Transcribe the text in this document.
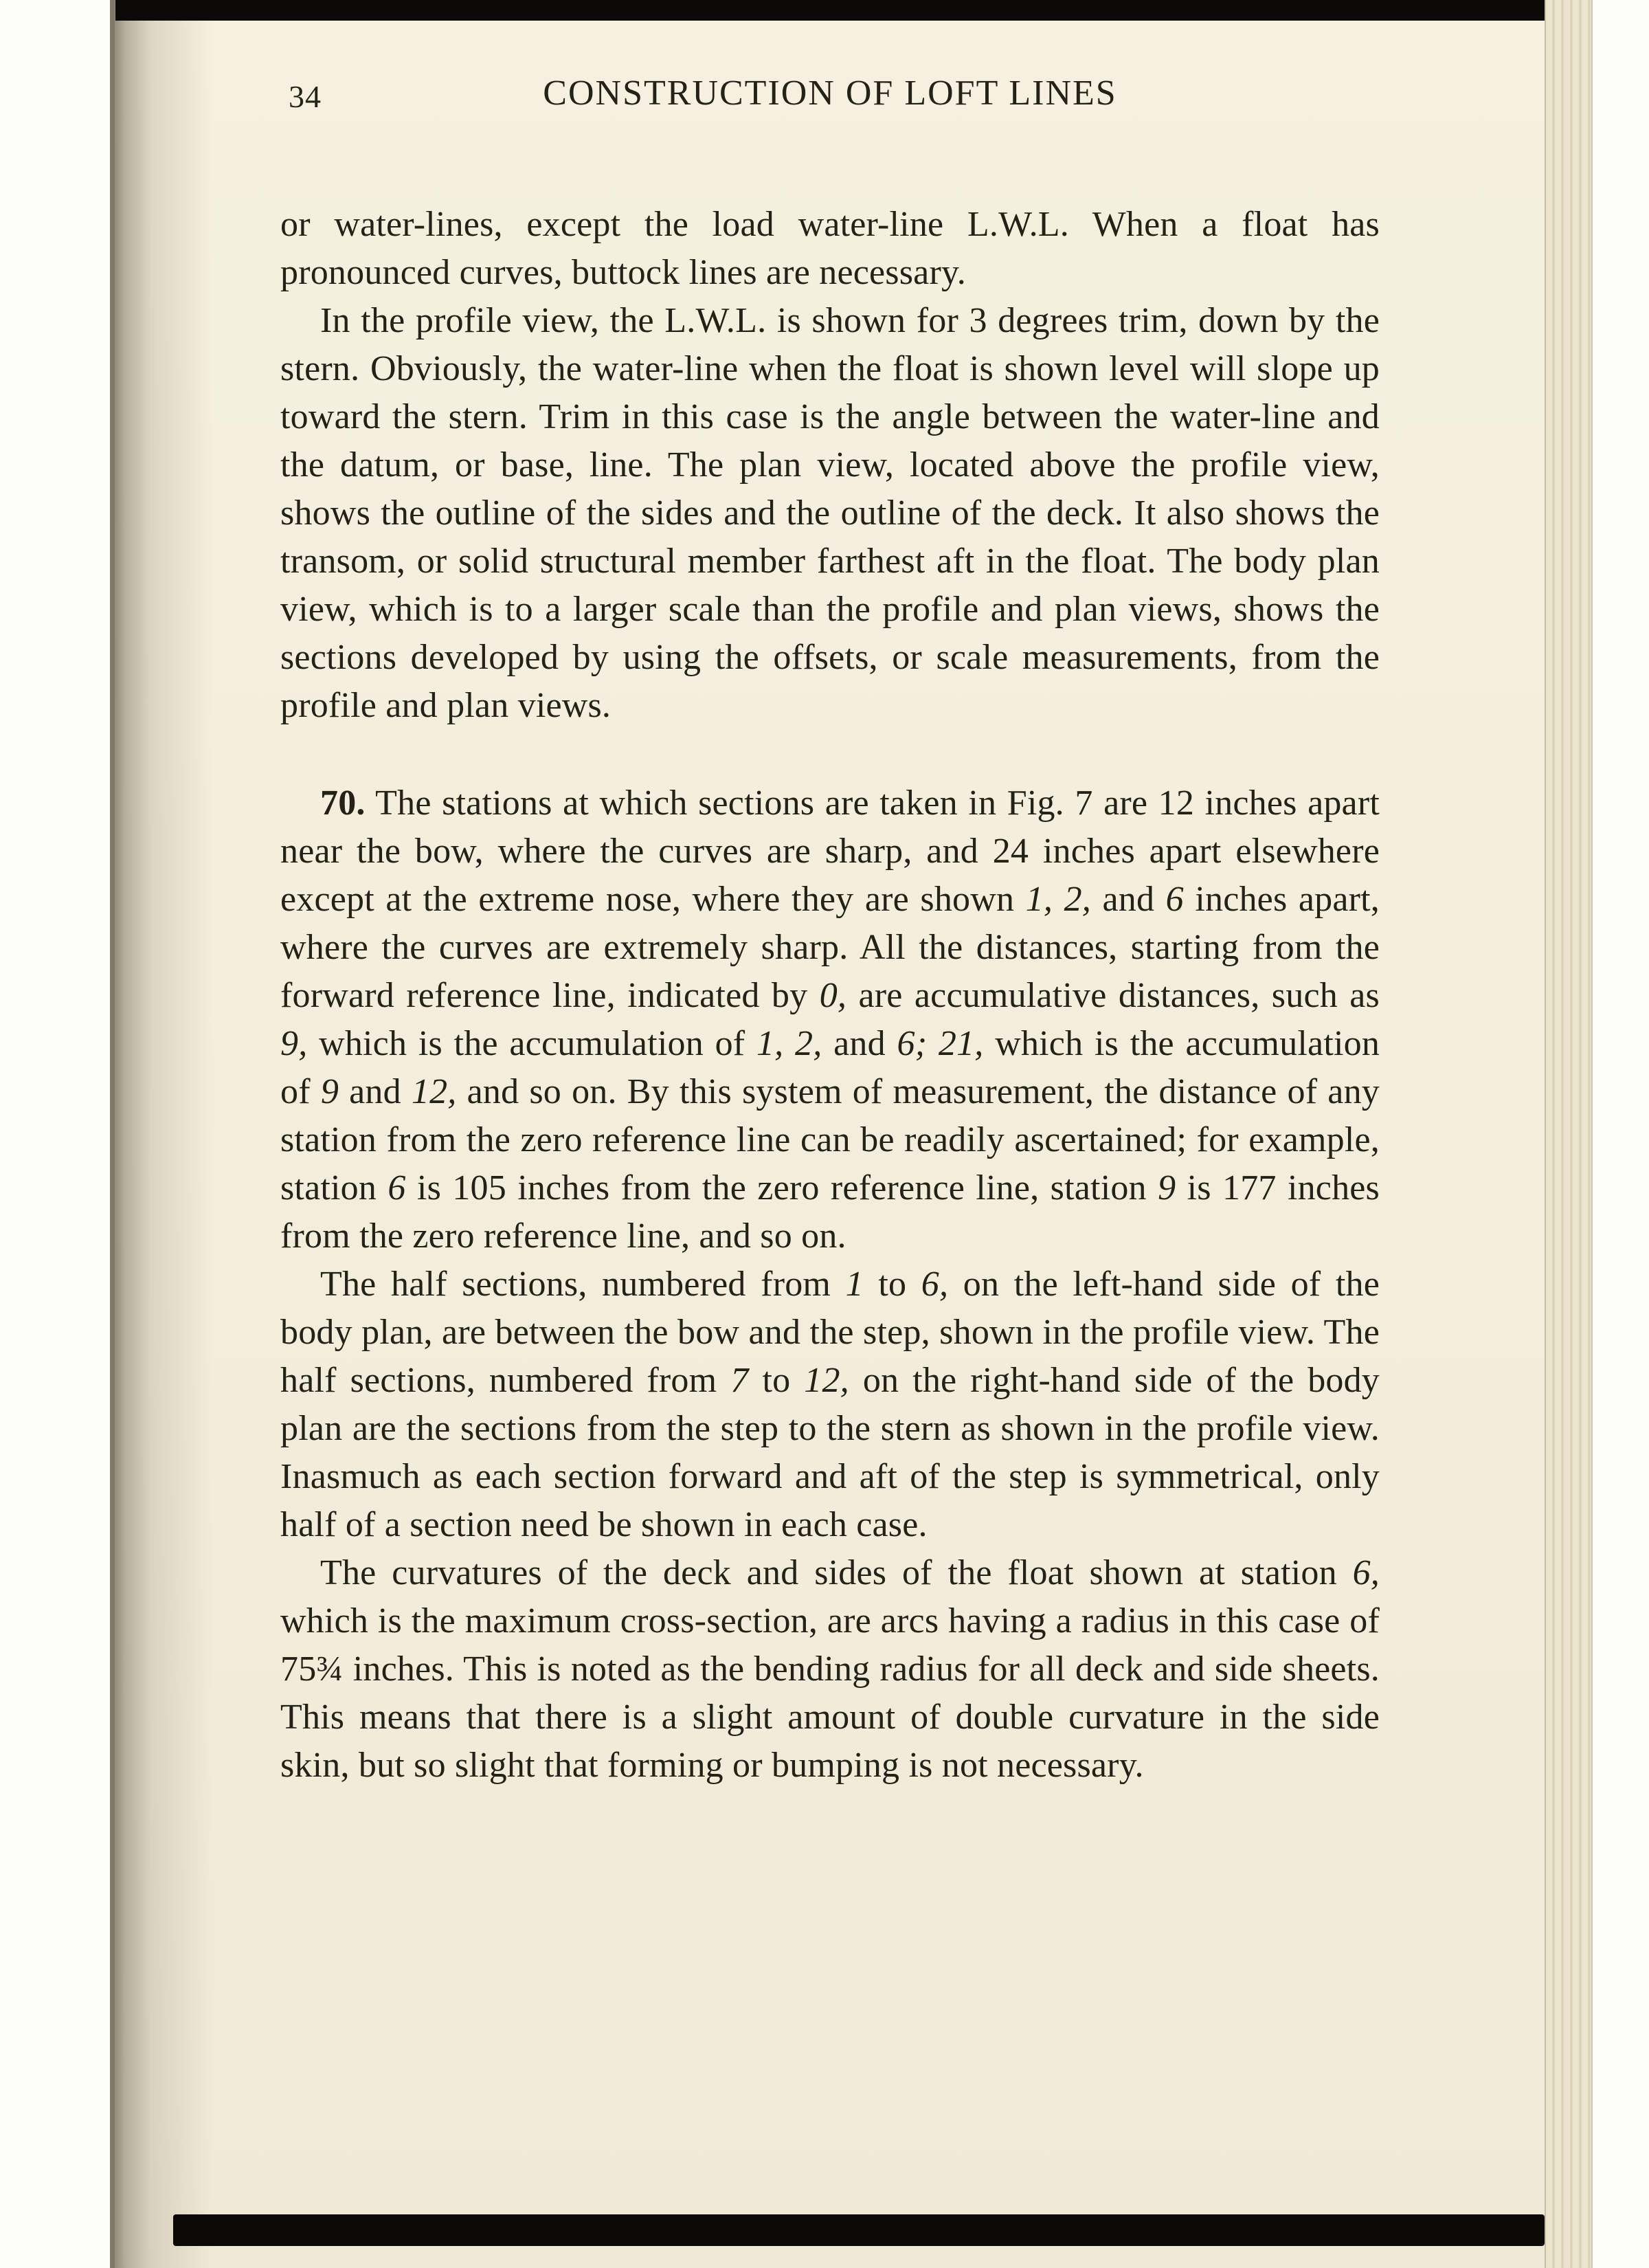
34	CONSTRUCTION OF LOFT LINES

or water-lines, except the load water-line L.W.L. When a float has pronounced curves, buttock lines are necessary.

In the profile view, the L.W.L. is shown for 3 degrees trim, down by the stern. Obviously, the water-line when the float is shown level will slope up toward the stern. Trim in this case is the angle between the water-line and the datum, or base, line. The plan view, located above the profile view, shows the outline of the sides and the outline of the deck. It also shows the transom, or solid structural member farthest aft in the float. The body plan view, which is to a larger scale than the profile and plan views, shows the sections developed by using the offsets, or scale measurements, from the profile and plan views.

70. The stations at which sections are taken in Fig. 7 are 12 inches apart near the bow, where the curves are sharp, and 24 inches apart elsewhere except at the extreme nose, where they are shown 1, 2, and 6 inches apart, where the curves are extremely sharp. All the distances, starting from the forward reference line, indicated by 0, are accumulative distances, such as 9, which is the accumulation of 1, 2, and 6; 21, which is the accumulation of 9 and 12, and so on. By this system of measurement, the distance of any station from the zero reference line can be readily ascertained; for example, station 6 is 105 inches from the zero reference line, station 9 is 177 inches from the zero reference line, and so on.

The half sections, numbered from 1 to 6, on the left-hand side of the body plan, are between the bow and the step, shown in the profile view. The half sections, numbered from 7 to 12, on the right-hand side of the body plan are the sections from the step to the stern as shown in the profile view. Inasmuch as each section forward and aft of the step is symmetrical, only half of a section need be shown in each case.

The curvatures of the deck and sides of the float shown at station 6, which is the maximum cross-section, are arcs having a radius in this case of 75¾ inches. This is noted as the bending radius for all deck and side sheets. This means that there is a slight amount of double curvature in the side skin, but so slight that forming or bumping is not necessary.
